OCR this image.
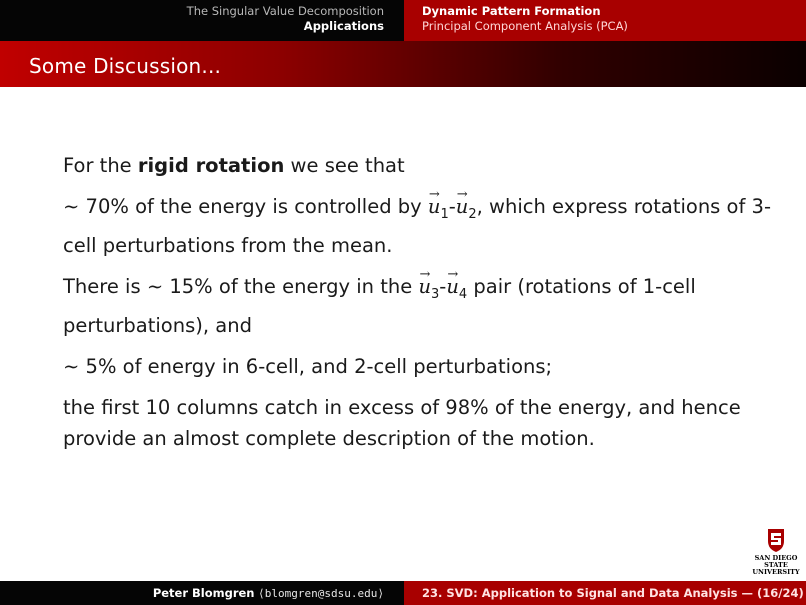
The Singular Value Decomposition
Applications
Dynamic Pattern Formation
Principal Component Analysis (PCA)
Some Discussion...

For the rigid rotation we see that

∼ 70% of the energy is controlled by → $u_1-\to u_2$, which express rotations of 3-cell perturbations from the mean.

There is ∼ 15% of the energy in the → $u_3-\to u_4$ pair (rotations of 1-cell perturbations), and

∼ 5% of energy in 6-cell, and 2-cell perturbations;

the first 10 columns catch in excess of 98% of the energy, and hence provide an almost complete description of the motion.

SAN DIEGO STATE
UNIVERSITY
Peter Blomgren ⟨blomgren@sdsu.edu⟩	23. SVD: Application to Signal and Data Analysis — (16/24)
